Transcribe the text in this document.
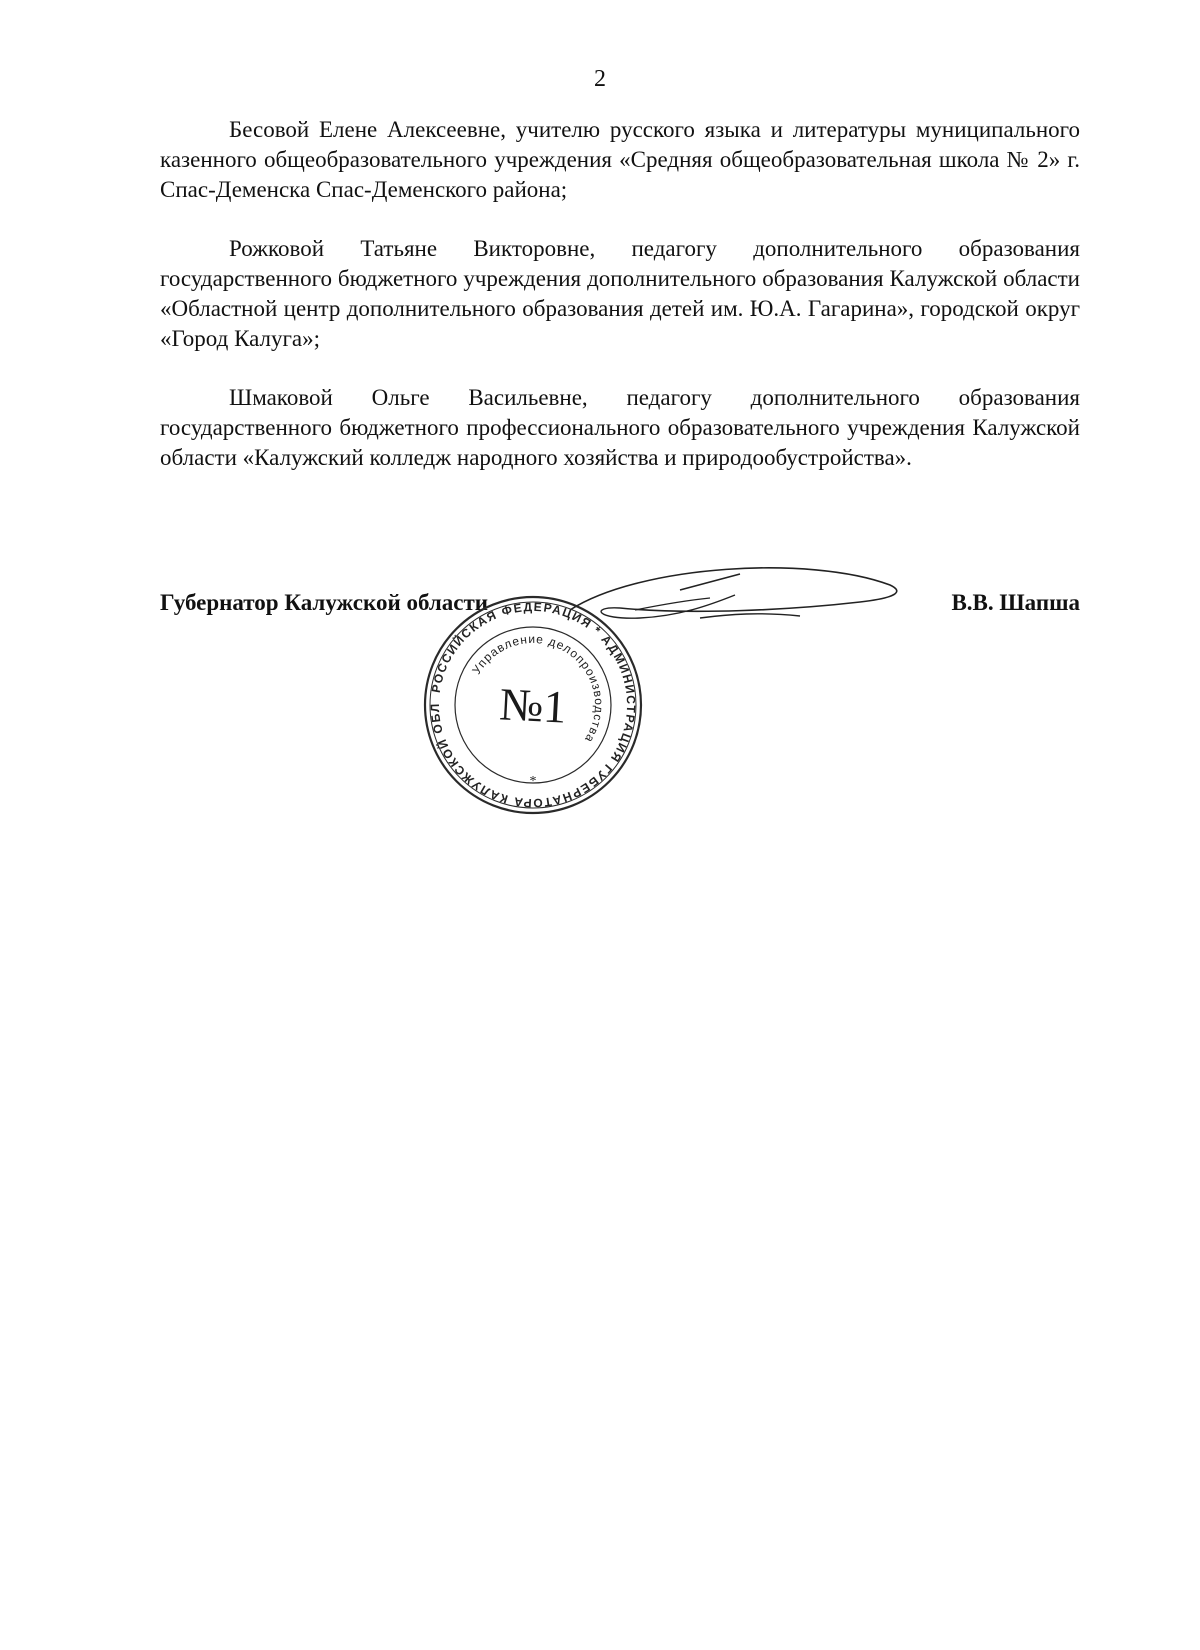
2

Бесовой Елене Алексеевне, учителю русского языка и литературы муниципального казенного общеобразовательного учреждения «Средняя общеобразовательная школа № 2» г. Спас-Деменска Спас-Деменского района;

Рожковой Татьяне Викторовне, педагогу дополнительного образования государственного бюджетного учреждения дополнительного образования Калужской области «Областной центр дополнительного образования детей им. Ю.А. Гагарина», городской округ «Город Калуга»;

Шмаковой Ольге Васильевне, педагогу дополнительного образования государственного бюджетного профессионального образовательного учреждения Калужской области «Калужский колледж народного хозяйства и природообустройства».

Губернатор Калужской области	В.В. Шапша
РОССИЙСКАЯ ФЕДЕРАЦИЯ * АДМИНИСТРАЦИЯ ГУБЕРНАТОРА КАЛУЖСКОЙ ОБЛ
Управление делопроизводства
*
№1
